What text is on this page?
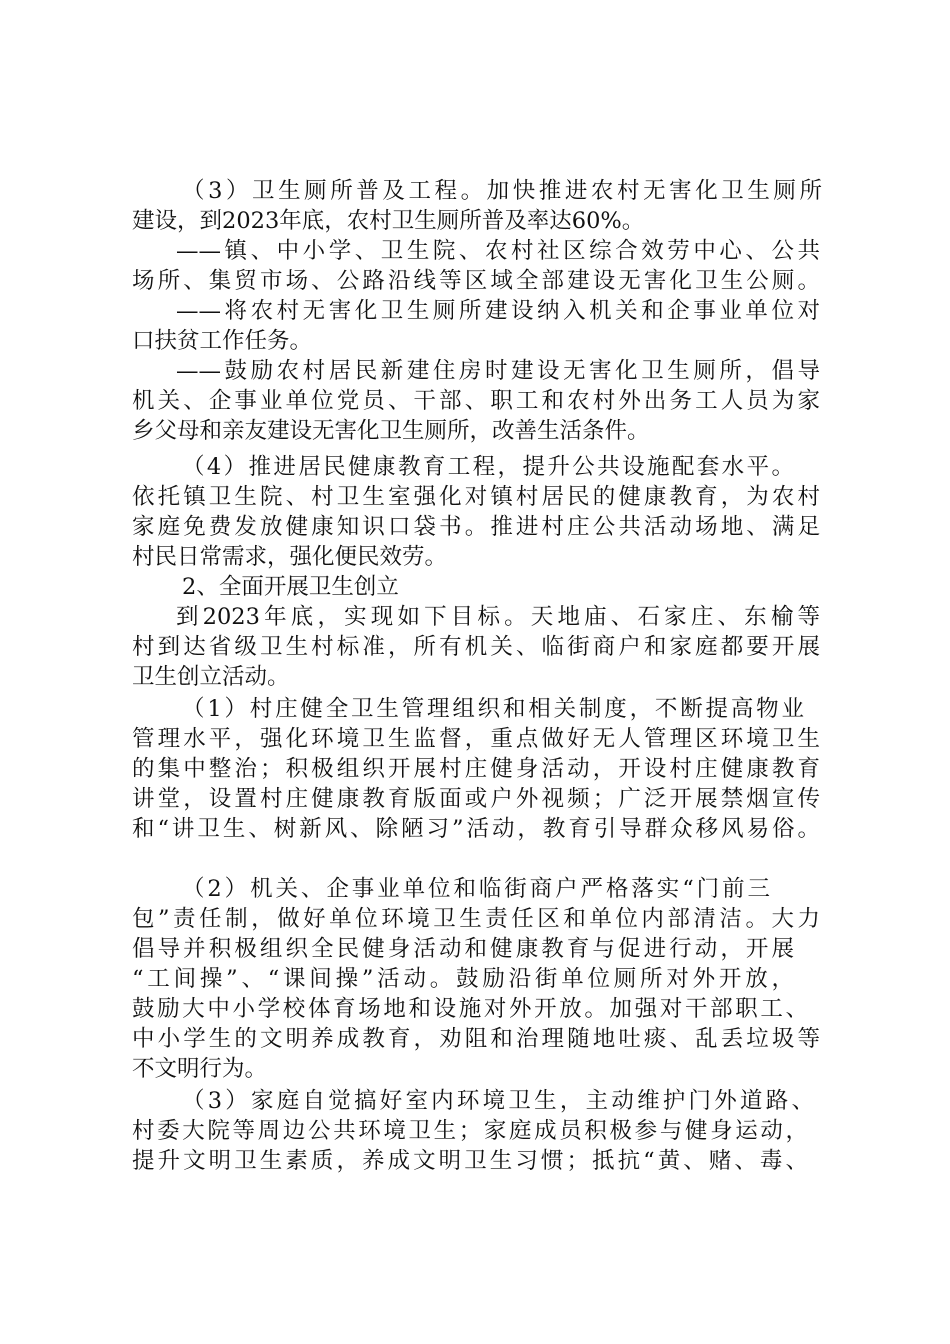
（3）卫生厕所普及工程。加快推进农村无害化卫生厕所
建设，到2023年底，农村卫生厕所普及率达60%。
——镇、中小学、卫生院、农村社区综合效劳中心、公共
场所、集贸市场、公路沿线等区域全部建设无害化卫生公厕。
——将农村无害化卫生厕所建设纳入机关和企事业单位对
口扶贫工作任务。
——鼓励农村居民新建住房时建设无害化卫生厕所，倡导
机关、企事业单位党员、干部、职工和农村外出务工人员为家
乡父母和亲友建设无害化卫生厕所，改善生活条件。
（4）推进居民健康教育工程，提升公共设施配套水平。
依托镇卫生院、村卫生室强化对镇村居民的健康教育，为农村
家庭免费发放健康知识口袋书。推进村庄公共活动场地、满足
村民日常需求，强化便民效劳。
2、全面开展卫生创立
到2023年底，实现如下目标。天地庙、石家庄、东榆等
村到达省级卫生村标准，所有机关、临街商户和家庭都要开展
卫生创立活动。
（1）村庄健全卫生管理组织和相关制度，不断提高物业
管理水平，强化环境卫生监督，重点做好无人管理区环境卫生
的集中整治；积极组织开展村庄健身活动，开设村庄健康教育
讲堂，设置村庄健康教育版面或户外视频；广泛开展禁烟宣传
和“讲卫生、树新风、除陋习”活动，教育引导群众移风易俗。
（2）机关、企事业单位和临街商户严格落实“门前三
包”责任制，做好单位环境卫生责任区和单位内部清洁。大力
倡导并积极组织全民健身活动和健康教育与促进行动，开展
“工间操”、“课间操”活动。鼓励沿街单位厕所对外开放，
鼓励大中小学校体育场地和设施对外开放。加强对干部职工、
中小学生的文明养成教育，劝阻和治理随地吐痰、乱丢垃圾等
不文明行为。
（3）家庭自觉搞好室内环境卫生，主动维护门外道路、
村委大院等周边公共环境卫生；家庭成员积极参与健身运动，
提升文明卫生素质，养成文明卫生习惯；抵抗“黄、赌、毒、
